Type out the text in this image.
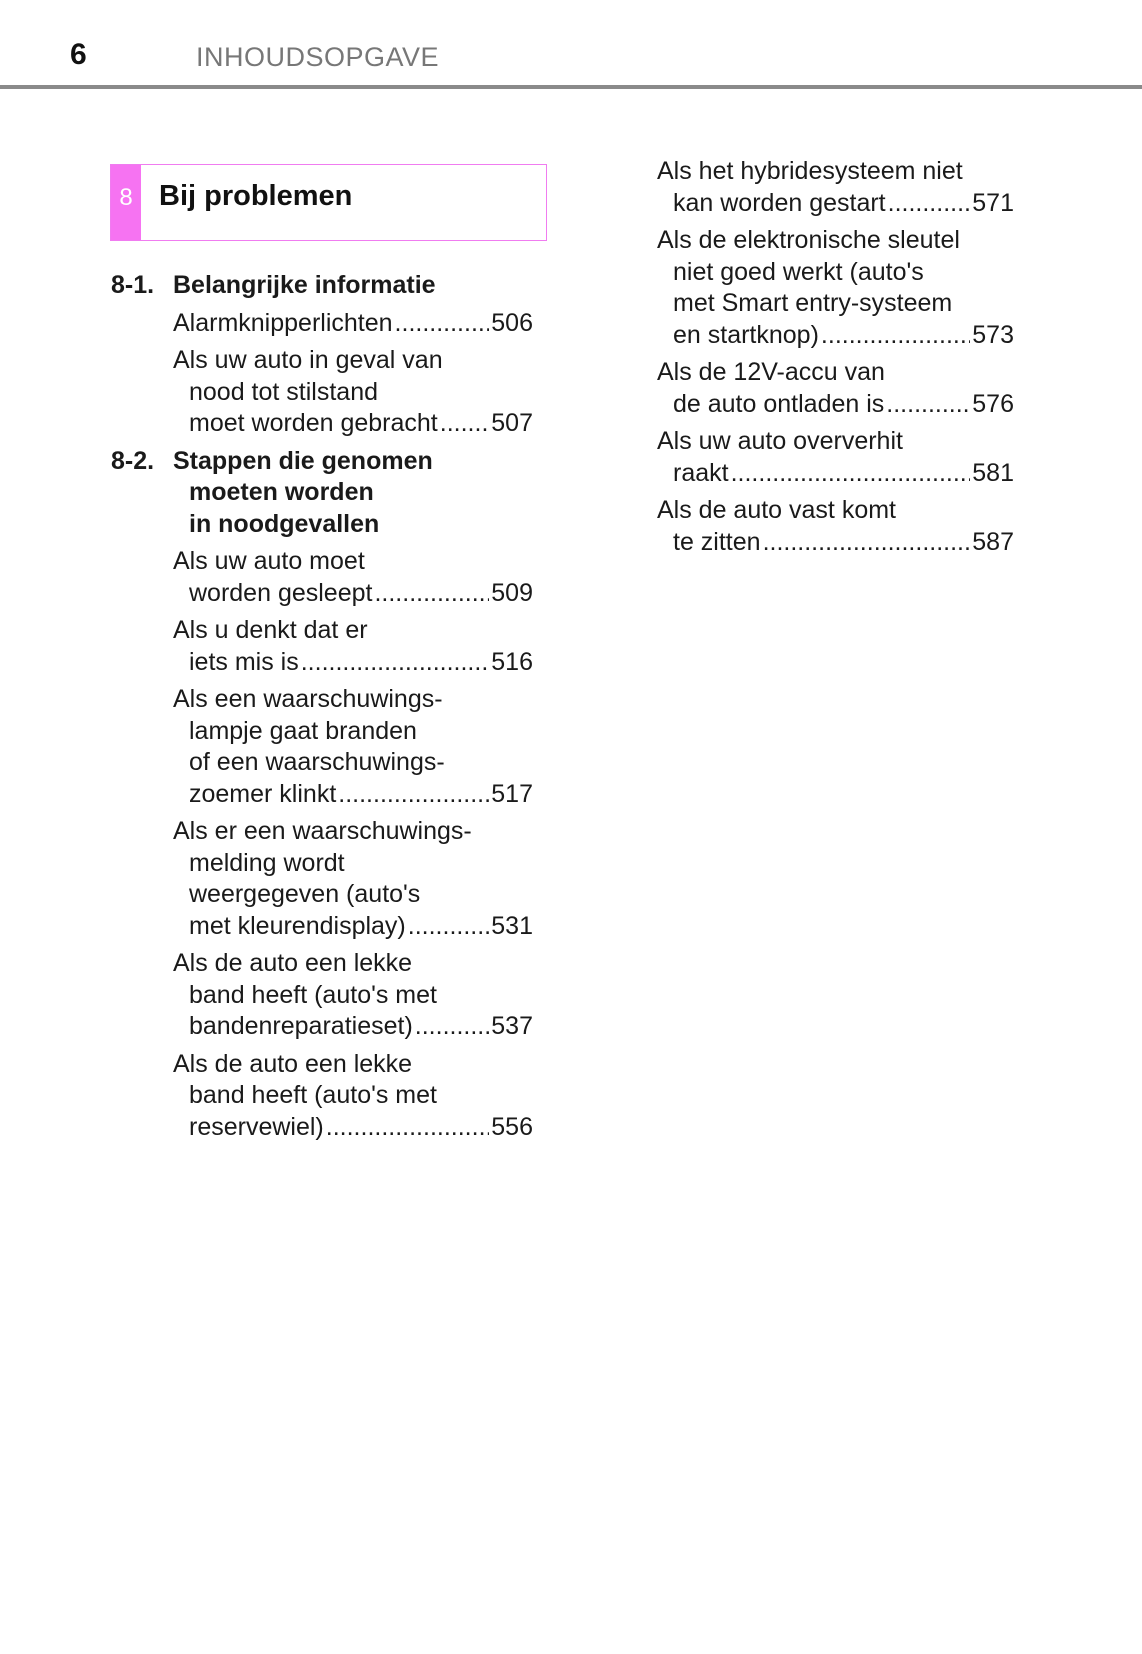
6	INHOUDSOPGAVE
8 Bij problemen
8-1. Belangrijke informatie
Alarmknipperlichten .....	506
Als uw auto in geval van
nood tot stilstand
moet worden gebracht ..... 507
8-2. Stappen die genomen
moeten worden
in noodgevallen
Als uw auto moet
worden gesleept .....	509
Als u denkt dat er
iets mis is .....	516
Als een waarschuwings-
lampje gaat branden
of een waarschuwings-
zoemer klinkt .....	517
Als er een waarschuwings-
melding wordt
weergegeven (auto's
met kleurendisplay) .....	531
Als de auto een lekke
band heeft (auto's met
bandenreparatieset) .....	537
Als de auto een lekke
band heeft (auto's met
reservewiel) .....	556
Als het hybridesysteem niet
kan worden gestart .....	571
Als de elektronische sleutel
niet goed werkt (auto's
met Smart entry-systeem
en startknop) .....	573
Als de 12V-accu van
de auto ontladen is .....	576
Als uw auto oververhit
raakt .....	581
Als de auto vast komt
te zitten .....	587
